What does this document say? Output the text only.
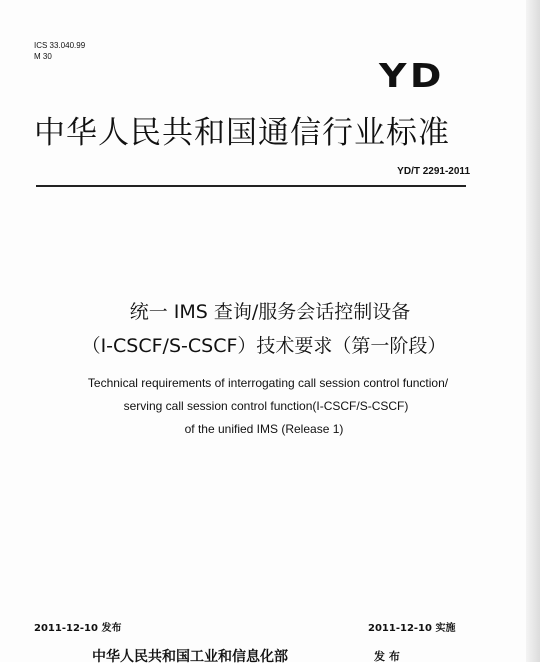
ICS 33.040.99
M 30	YD
中华人民共和国通信行业标准
YD/T 2291-2011
统一 IMS 查询/服务会话控制设备
（I-CSCF/S-CSCF）技术要求（第一阶段）
Technical requirements of interrogating call session control function/
serving call session control function(I-CSCF/S-CSCF)
of the unified IMS (Release 1)
2011-12-10 发布	2011-12-10 实施
中华人民共和国工业和信息化部	发 布
